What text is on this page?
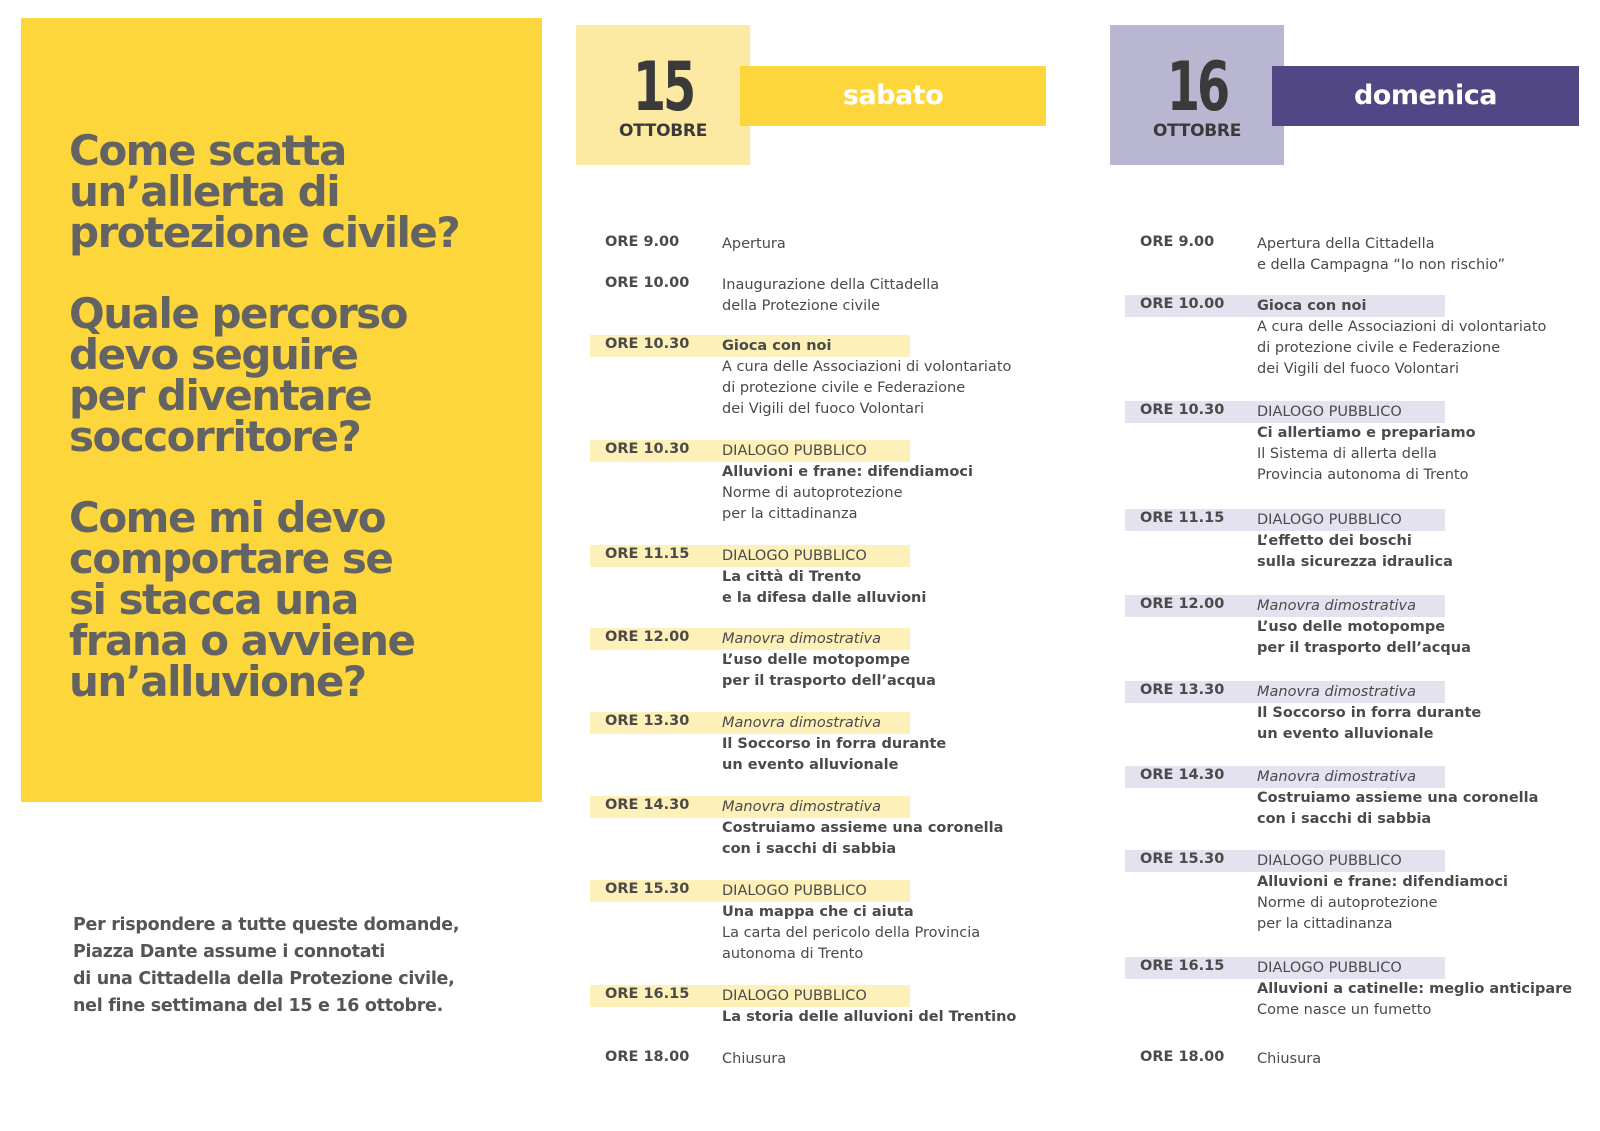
Come scatta
un’allerta di
protezione civile?

Quale percorso
devo seguire
per diventare
soccorritore?

Come mi devo
comportare se
si stacca una
frana o avviene
un’alluvione?

Per rispondere a tutte queste domande,
Piazza Dante assume i connotati
di una Cittadella della Protezione civile,
nel fine settimana del 15 e 16 ottobre.
15
OTTOBRE
sabato
ORE 9.00	Apertura
ORE 10.00 Inaugurazione della Cittadella
della Protezione civile
ORE 10.30 Gioca con noi
A cura delle Associazioni di volontariato
di protezione civile e Federazione
dei Vigili del fuoco Volontari
ORE 10.30 DIALOGO PUBBLICO
Alluvioni e frane: difendiamoci
Norme di autoprotezione
per la cittadinanza
ORE 11.15 DIALOGO PUBBLICO
La città di Trento
e la difesa dalle alluvioni
ORE 12.00 Manovra dimostrativa
L’uso delle motopompe
per il trasporto dell’acqua
ORE 13.30 Manovra dimostrativa
Il Soccorso in forra durante
un evento alluvionale
ORE 14.30 Manovra dimostrativa
Costruiamo assieme una coronella
con i sacchi di sabbia
ORE 15.30 DIALOGO PUBBLICO
Una mappa che ci aiuta
La carta del pericolo della Provincia
autonoma di Trento
ORE 16.15 DIALOGO PUBBLICO
La storia delle alluvioni del Trentino
ORE 18.00 Chiusura
16
OTTOBRE
domenica
ORE 9.00	Apertura della Cittadella
e della Campagna “Io non rischio”
ORE 10.00 Gioca con noi
A cura delle Associazioni di volontariato
di protezione civile e Federazione
dei Vigili del fuoco Volontari
ORE 10.30 DIALOGO PUBBLICO
Ci allertiamo e prepariamo
Il Sistema di allerta della
Provincia autonoma di Trento
ORE 11.15 DIALOGO PUBBLICO
L’effetto dei boschi
sulla sicurezza idraulica
ORE 12.00 Manovra dimostrativa
L’uso delle motopompe
per il trasporto dell’acqua
ORE 13.30 Manovra dimostrativa
Il Soccorso in forra durante
un evento alluvionale
ORE 14.30 Manovra dimostrativa
Costruiamo assieme una coronella
con i sacchi di sabbia
ORE 15.30 DIALOGO PUBBLICO
Alluvioni e frane: difendiamoci
Norme di autoprotezione
per la cittadinanza
ORE 16.15 DIALOGO PUBBLICO
Alluvioni a catinelle: meglio anticipare
Come nasce un fumetto
ORE 18.00 Chiusura
